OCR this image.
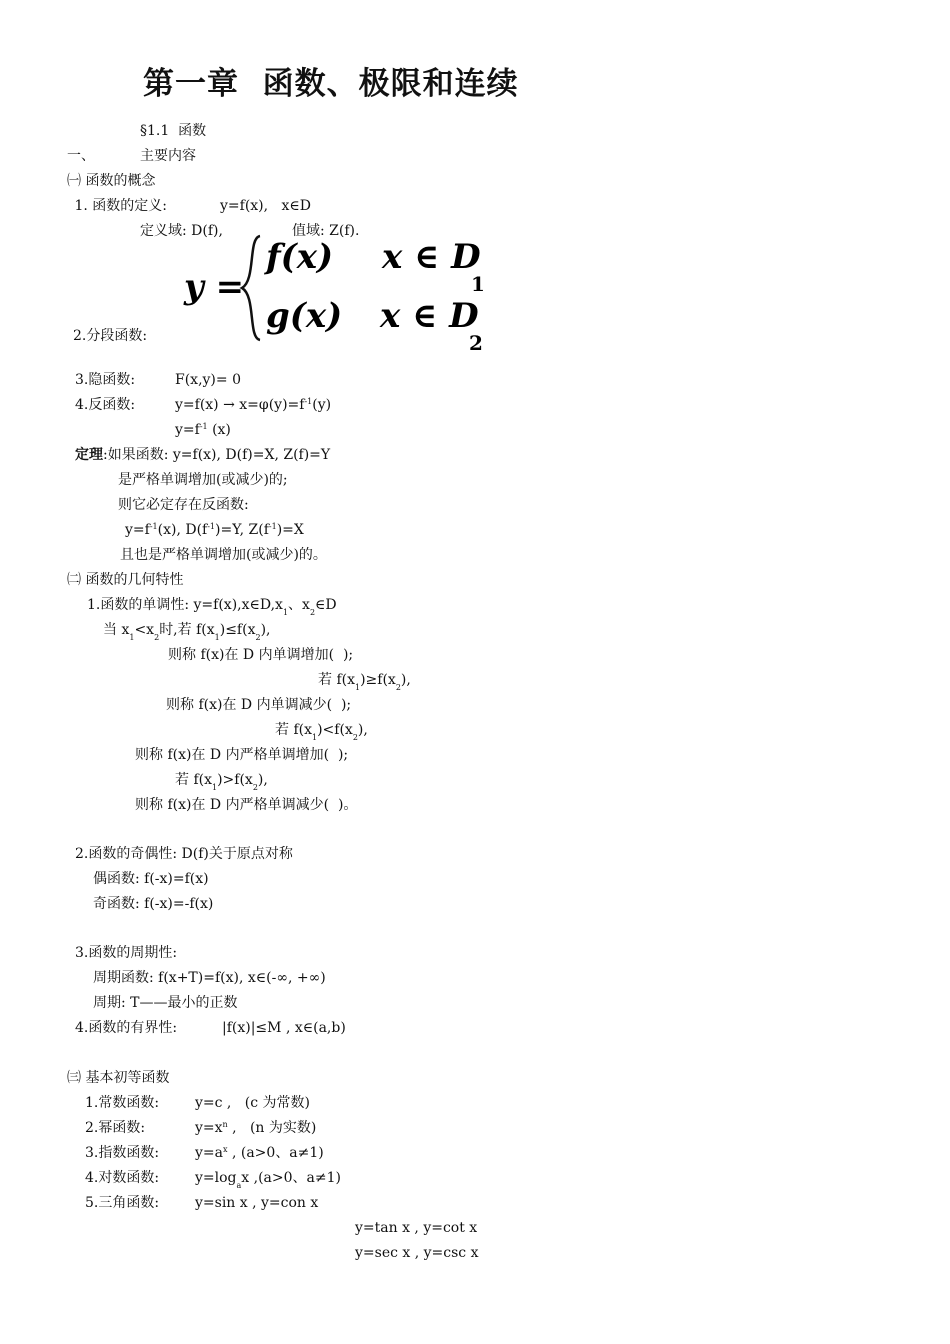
第一章  函数、极限和连续
§1.1  函数
一、	主要内容
㈠ 函数的概念
1. 函数的定义:	y=f(x),   x∈D
定义域: D(f),	值域: Z(f).
y =
f(x) x ∈ D
1
g(x) x ∈ D
2
2.分段函数:
3.隐函数:	F(x,y)= 0
4.反函数:	$y=f(x) \to x=\varphi(y)=f^{-1}(y)$
$y=f^{-1}$ (x)
定理:如果函数: y=f(x), D(f)=X, Z(f)=Y
是严格单调增加(或减少)的;
则它必定存在反函数:
$y=f^{-1}(x)$, $D(f^{-1})=Y$, $Z(f^{-1})=X$
且也是严格单调增加(或减少)的。
㈡ 函数的几何特性
1.函数的单调性: $y=f(x),x\in D,x_1$、$x_2\in D$
当 $x_1<x_2$时,若 $f(x_1)\le f(x_2)$,
则称 f(x)在 D 内单调增加(  );
若 $f(x_1)\ge f(x_2)$,
则称 f(x)在 D 内单调减少(  );
若 $f(x_1)<f(x_2)$,
则称 f(x)在 D 内严格单调增加(  );
若 $f(x_1)>f(x_2)$,
则称 f(x)在 D 内严格单调减少(  )。
2.函数的奇偶性: D(f)关于原点对称
偶函数: f(-x)=f(x)
奇函数: f(-x)=-f(x)
3.函数的周期性:
周期函数: f(x+T)=f(x), x∈(-∞, +∞)
周期: T——最小的正数
4.函数的有界性:	|f(x)|≤M , x∈(a,b)
㈢ 基本初等函数
1.常数函数:	y=c ,   (c 为常数)
2.幂函数:	$y=x^n$ ,   (n 为实数)
3.指数函数:	$y=a^x$ , (a>0、a≠1)
4.对数函数:	$y=\log_ax$ ,(a>0、a≠1)
5.三角函数:	y=sin x , y=con x
y=tan x , y=cot x
y=sec x , y=csc x
